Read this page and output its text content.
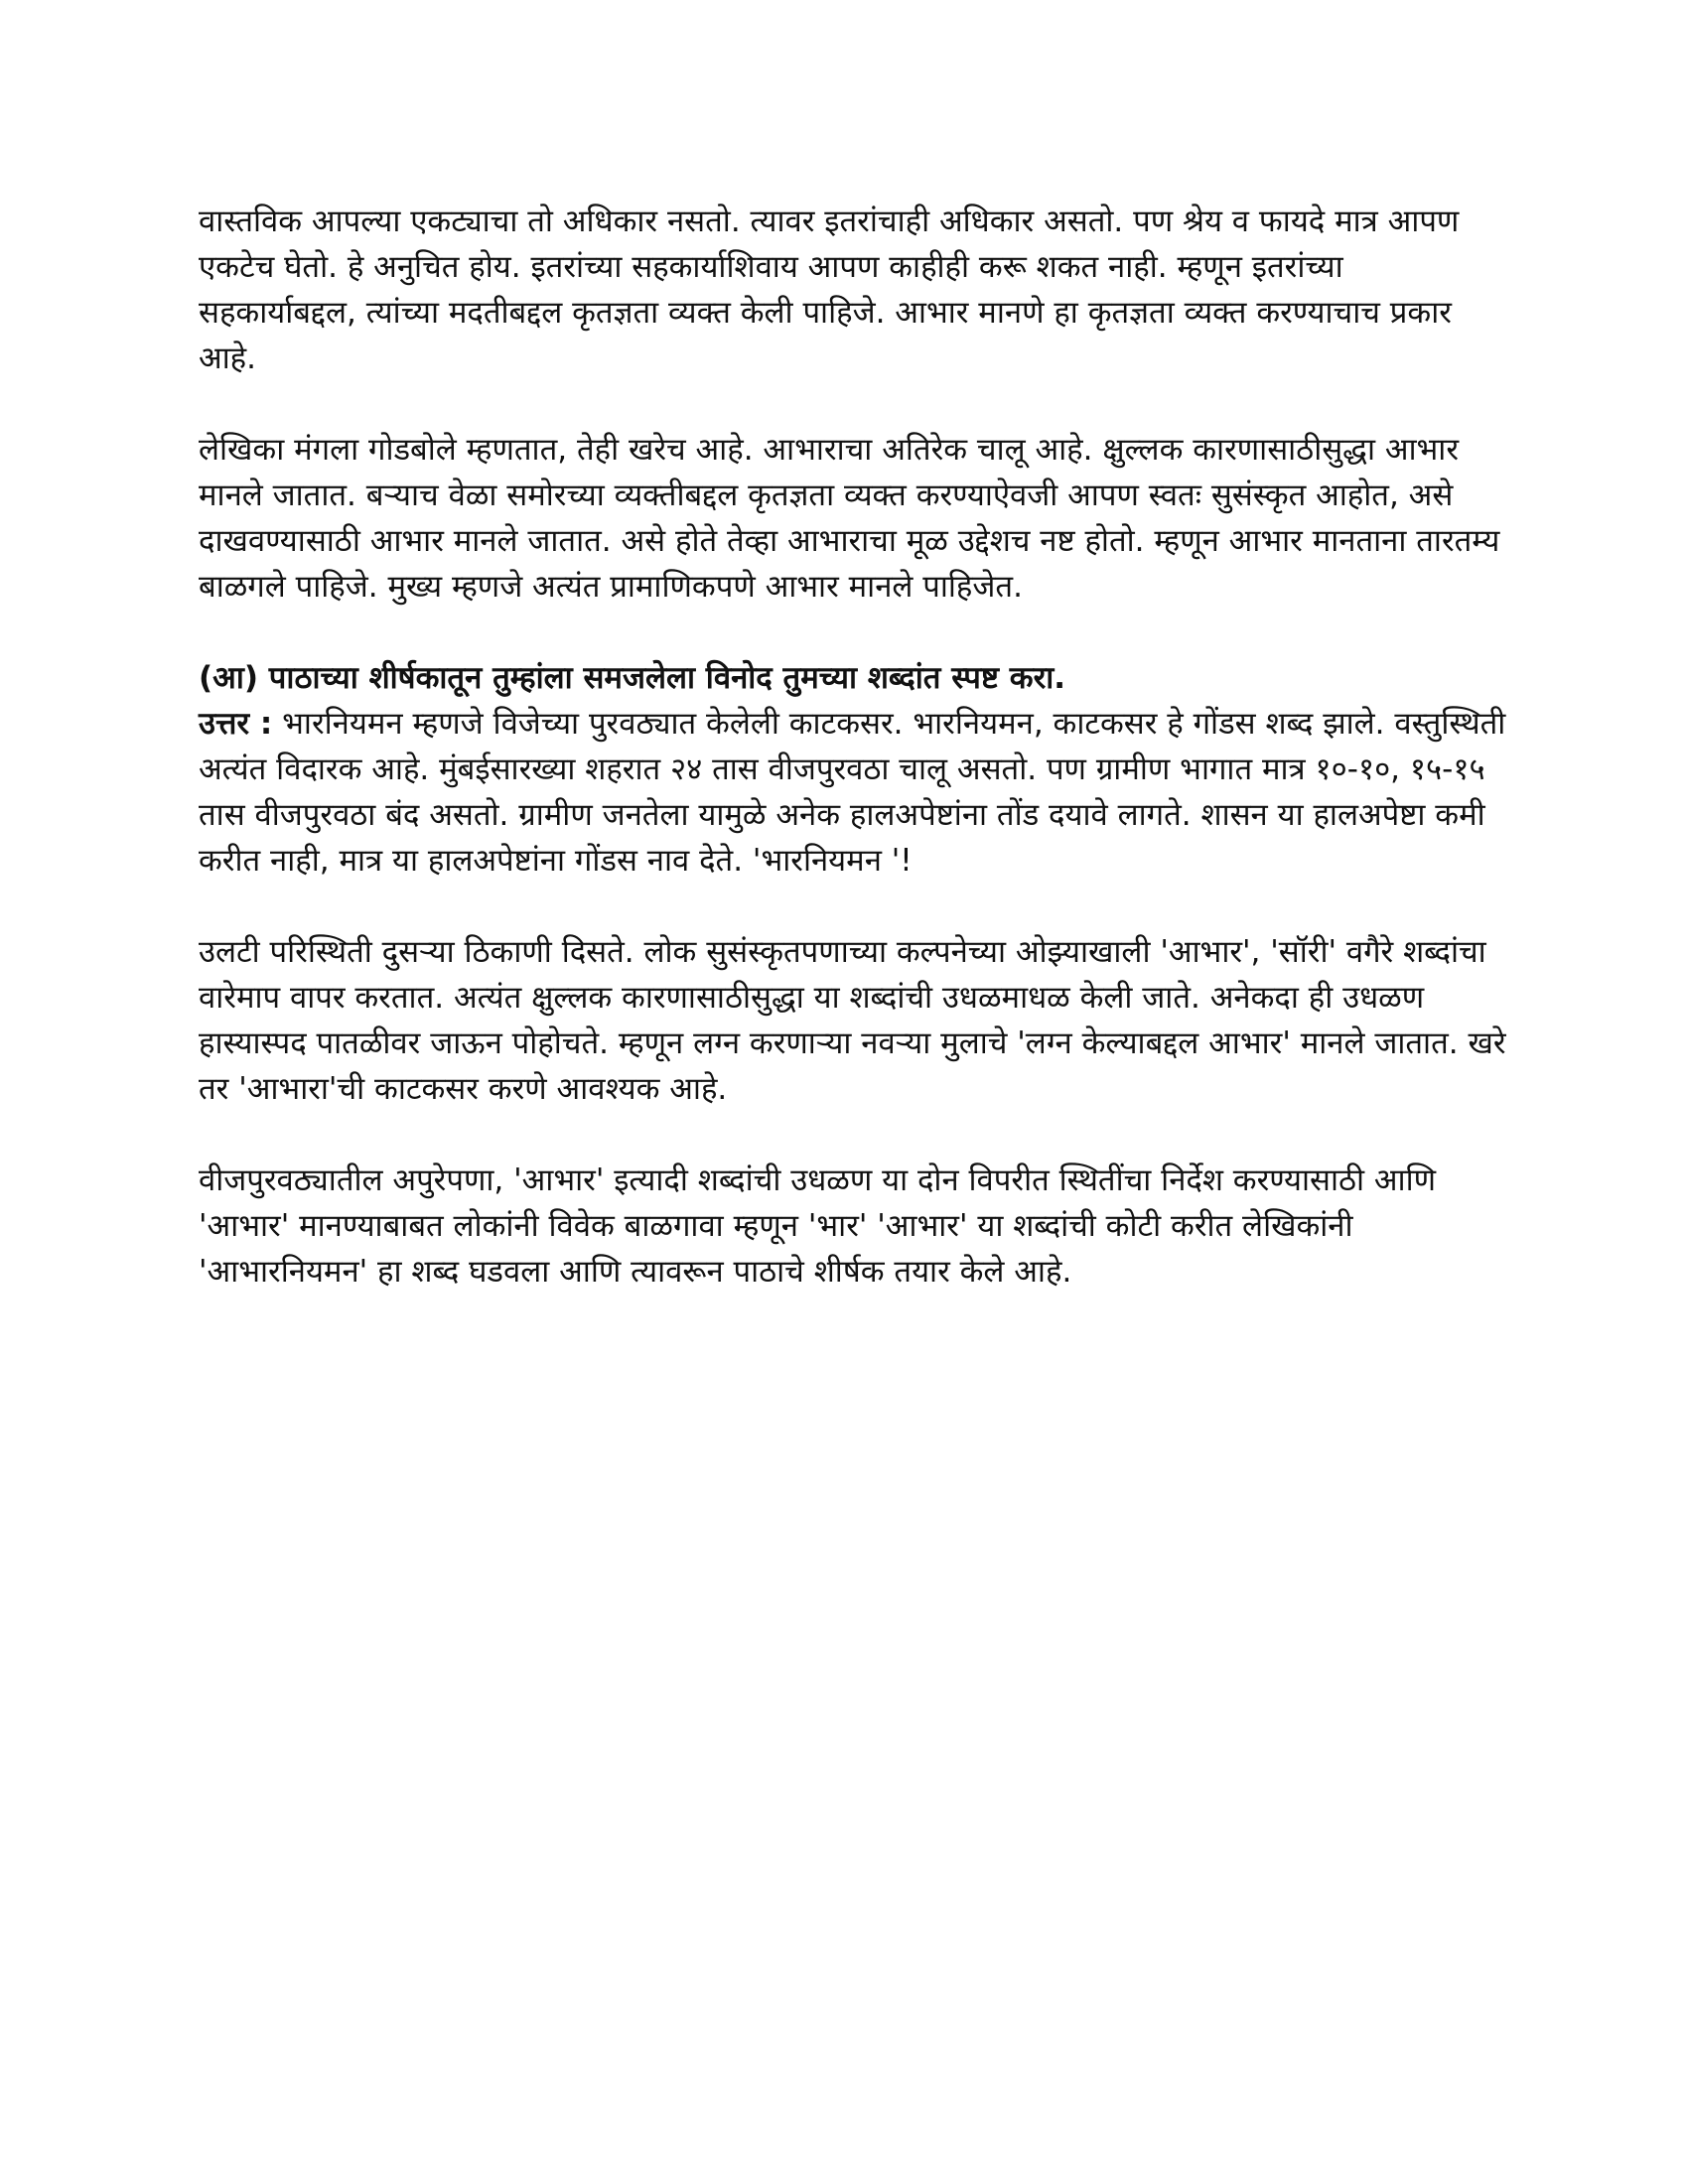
वास्तविक आपल्या एकट्याचा तो अधिकार नसतो. त्यावर इतरांचाही अधिकार असतो. पण श्रेय व फायदे मात्र आपण एकटेच घेतो. हे अनुचित होय. इतरांच्या सहकार्याशिवाय आपण काहीही करू शकत नाही. म्हणून इतरांच्या सहकार्याबद्दल, त्यांच्या मदतीबद्दल कृतज्ञता व्यक्त केली पाहिजे. आभार मानणे हा कृतज्ञता व्यक्त करण्याचाच प्रकार आहे.

लेखिका मंगला गोडबोले म्हणतात, तेही खरेच आहे. आभाराचा अतिरेक चालू आहे. क्षुल्लक कारणासाठीसुद्धा आभार मानले जातात. बऱ्याच वेळा समोरच्या व्यक्तीबद्दल कृतज्ञता व्यक्त करण्याऐवजी आपण स्वतः सुसंस्कृत आहोत, असे दाखवण्यासाठी आभार मानले जातात. असे होते तेव्हा आभाराचा मूळ उद्देशच नष्ट होतो. म्हणून आभार मानताना तारतम्य बाळगले पाहिजे. मुख्य म्हणजे अत्यंत प्रामाणिकपणे आभार मानले पाहिजेत.

(आ) पाठाच्या शीर्षकातून तुम्हांला समजलेला विनोद तुमच्या शब्दांत स्पष्ट करा.

उत्तर : भारनियमन म्हणजे विजेच्या पुरवठ्यात केलेली काटकसर. भारनियमन, काटकसर हे गोंडस शब्द झाले. वस्तुस्थिती अत्यंत विदारक आहे. मुंबईसारख्या शहरात २४ तास वीजपुरवठा चालू असतो. पण ग्रामीण भागात मात्र १०-१०, १५-१५ तास वीजपुरवठा बंद असतो. ग्रामीण जनतेला यामुळे अनेक हालअपेष्टांना तोंड दयावे लागते. शासन या हालअपेष्टा कमी करीत नाही, मात्र या हालअपेष्टांना गोंडस नाव देते. 'भारनियमन '!

उलटी परिस्थिती दुसऱ्या ठिकाणी दिसते. लोक सुसंस्कृतपणाच्या कल्पनेच्या ओझ्याखाली 'आभार', 'सॉरी' वगैरे शब्दांचा वारेमाप वापर करतात. अत्यंत क्षुल्लक कारणासाठीसुद्धा या शब्दांची उधळमाधळ केली जाते. अनेकदा ही उधळण हास्यास्पद पातळीवर जाऊन पोहोचते. म्हणून लग्न करणाऱ्या नवऱ्या मुलाचे 'लग्न केल्याबद्दल आभार' मानले जातात. खरे तर 'आभारा'ची काटकसर करणे आवश्यक आहे.

वीजपुरवठ्यातील अपुरेपणा, 'आभार' इत्यादी शब्दांची उधळण या दोन विपरीत स्थितींचा निर्देश करण्यासाठी आणि 'आभार' मानण्याबाबत लोकांनी विवेक बाळगावा म्हणून 'भार' 'आभार' या शब्दांची कोटी करीत लेखिकांनी 'आभारनियमन' हा शब्द घडवला आणि त्यावरून पाठाचे शीर्षक तयार केले आहे.
